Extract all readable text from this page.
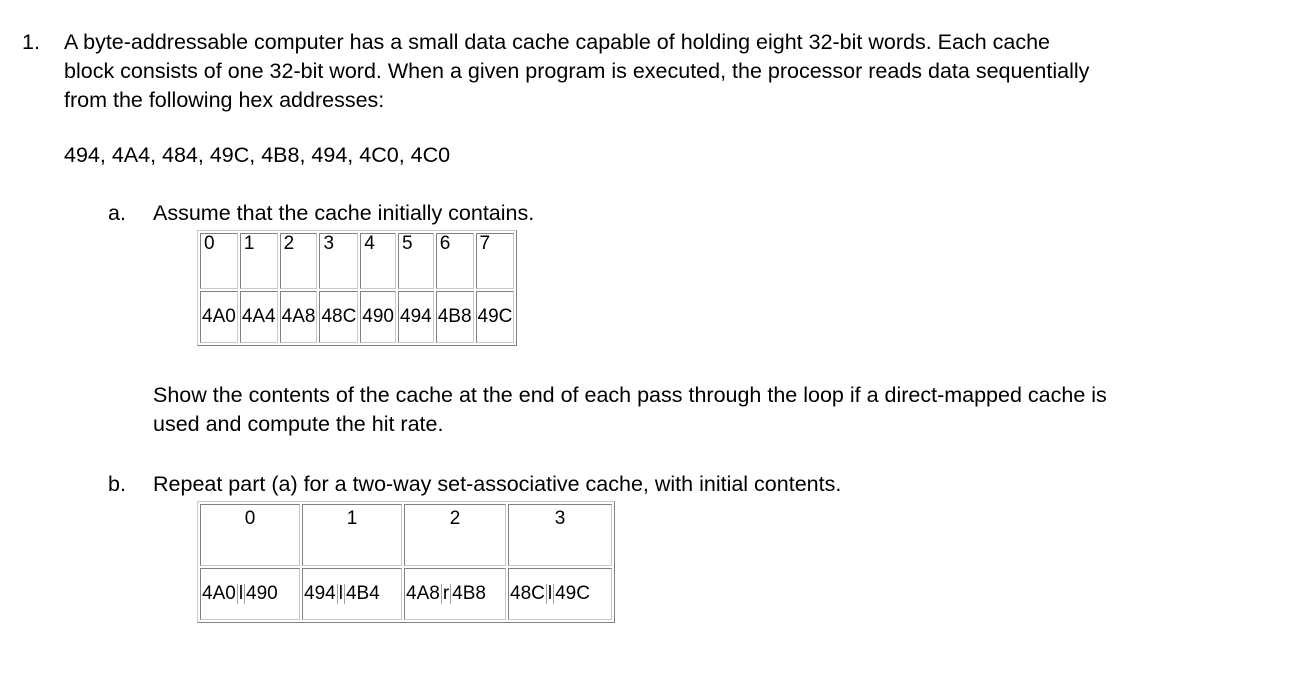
1. A byte-addressable computer has a small data cache capable of holding eight 32-bit words. Each cache
block consists of one 32-bit word. When a given program is executed, the processor reads data sequentially
from the following hex addresses:
494, 4A4, 484, 49C, 4B8, 494, 4C0, 4C0
a. Assume that the cache initially contains.
0	1	2	3	4	5	6	7
4A0	4A4	4A8	48C	490	494	4B8	49C
Show the contents of the cache at the end of each pass through the loop if a direct-mapped cache is
used and compute the hit rate.
b. Repeat part (a) for a two-way set-associative cache, with initial contents.
0	1	2	3
4A0 l 490	494 l 4B4	4A8 r 4B8	48C l 49C
